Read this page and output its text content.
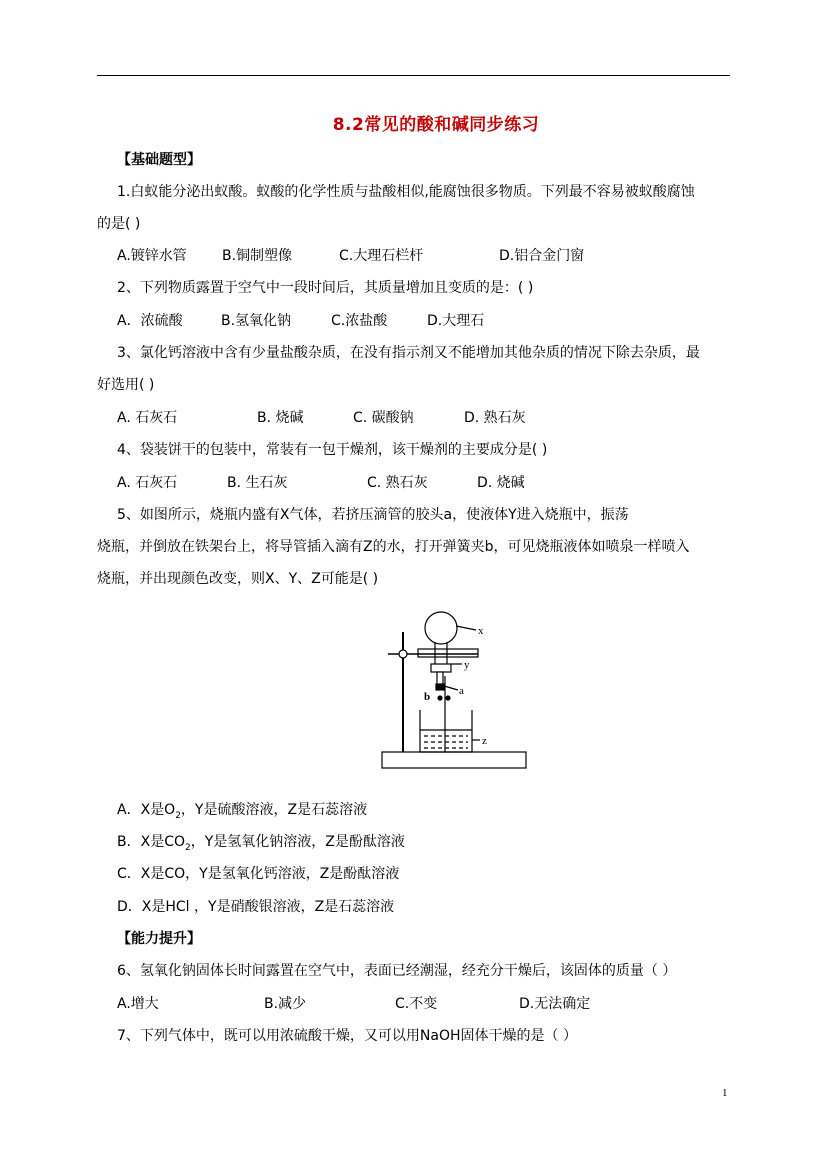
8.2常见的酸和碱同步练习
【基础题型】
1.白蚁能分泌出蚁酸。蚁酸的化学性质与盐酸相似,能腐蚀很多物质。下列最不容易被蚁酸腐蚀
的是( )
A.镀锌水管	B.铜制塑像	C.大理石栏杆	D.铝合金门窗
2、下列物质露置于空气中一段时间后，其质量增加且变质的是：( )
A．浓硫酸	B.氢氧化钠	C.浓盐酸	D.大理石
3、氯化钙溶液中含有少量盐酸杂质，在没有指示剂又不能增加其他杂质的情况下除去杂质，最
好选用( )
A. 石灰石	B. 烧碱	C. 碳酸钠	D. 熟石灰
4、袋装饼干的包装中，常装有一包干燥剂，该干燥剂的主要成分是( )
A. 石灰石	B. 生石灰	C. 熟石灰	D. 烧碱
5、如图所示，烧瓶内盛有X气体，若挤压滴管的胶头a，使液体Y进入烧瓶中，振荡
烧瓶，并倒放在铁架台上，将导管插入滴有Z的水，打开弹簧夹b，可见烧瓶液体如喷泉一样喷入
烧瓶，并出现颜色改变，则X、Y、Z可能是( )
x
y
a
b
z
A．X是$O_2$，Y是硫酸溶液，Z是石蕊溶液
B．X是$CO_2$，Y是氢氧化钠溶液，Z是酚酞溶液
C．X是CO，Y是氢氧化钙溶液，Z是酚酞溶液
D．X是HCl ，Y是硝酸银溶液，Z是石蕊溶液
【能力提升】
6、氢氧化钠固体长时间露置在空气中，表面已经潮湿，经充分干燥后，该固体的质量（ ）
A.增大	B.减少	C.不变	D.无法确定
7、下列气体中，既可以用浓硫酸干燥，又可以用NaOH固体干燥的是（ ）
1
